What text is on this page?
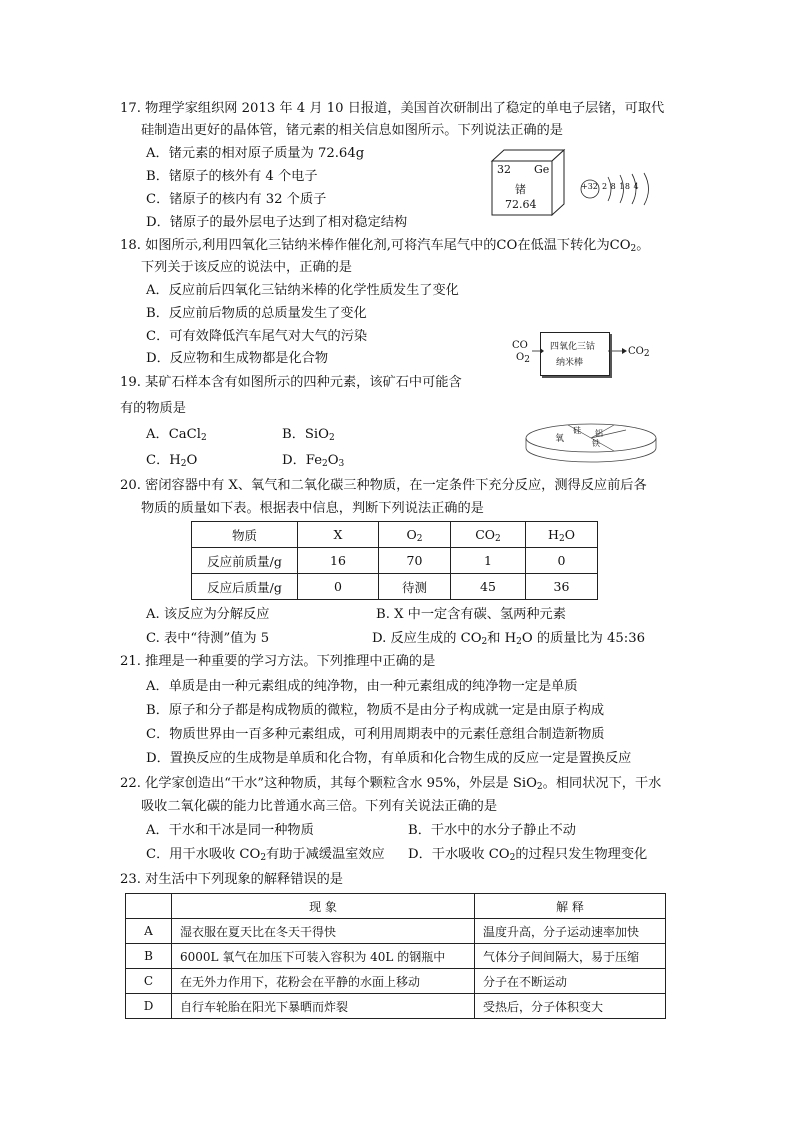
17. 物理学家组织网 2013 年 4 月 10 日报道，美国首次研制出了稳定的单电子层锗，可取代
硅制造出更好的晶体管，锗元素的相关信息如图所示。下列说法正确的是
A．锗元素的相对原子质量为 72.64g
B．锗原子的核外有 4 个电子
C．锗原子的核内有 32 个质子
D．锗原子的最外层电子达到了相对稳定结构
32 Ge
锗
72.64
+32 2 8 18 4
18. 如图所示,利用四氧化三钴纳米棒作催化剂,可将汽车尾气中的CO在低温下转化为$CO_2$。
下列关于该反应的说法中，正确的是
A．反应前后四氧化三钴纳米棒的化学性质发生了变化
B．反应前后物质的总质量发生了变化
C．可有效降低汽车尾气对大气的污染
D．反应物和生成物都是化合物
CO
$O_2$
四氧化三钴
纳米棒
$CO_2$
19. 某矿石样本含有如图所示的四种元素，该矿石中可能含
有的物质是
A．CaCl$_2$	B．SiO$_2$
C．$H_2O$	D．$Fe_2O_3$
氧
硅 铝
铁
20. 密闭容器中有 X、氧气和二氧化碳三种物质，在一定条件下充分反应，测得反应前后各
物质的质量如下表。根据表中信息，判断下列说法正确的是
物质	X	$O_2$	$CO_2$	$H_2O$
反应前质量/g	16	70	1	0
反应后质量/g	0	待测	45	36
A. 该反应为分解反应	B. X 中一定含有碳、氢两种元素
C. 表中“待测”值为 5	D. 反应生成的 $CO_2$和 $H_2O$ 的质量比为 45:36
21. 推理是一种重要的学习方法。下列推理中正确的是
A．单质是由一种元素组成的纯净物，由一种元素组成的纯净物一定是单质
B．原子和分子都是构成物质的微粒，物质不是由分子构成就一定是由原子构成
C．物质世界由一百多种元素组成，可利用周期表中的元素任意组合制造新物质
D．置换反应的生成物是单质和化合物，有单质和化合物生成的反应一定是置换反应
22. 化学家创造出“干水”这种物质，其每个颗粒含水 95%，外层是 SiO$_2$。相同状况下，干水
吸收二氧化碳的能力比普通水高三倍。下列有关说法正确的是
A．干水和干冰是同一种物质	B．干水中的水分子静止不动
C．用干水吸收 $CO_2$有助于减缓温室效应 D．干水吸收 $CO_2$的过程只发生物理变化
23. 对生活中下列现象的解释错误的是
	现 象	解 释
A	湿衣服在夏天比在冬天干得快	温度升高，分子运动速率加快
B	6000L 氧气在加压下可装入容积为 40L 的钢瓶中	气体分子间间隔大，易于压缩
C	在无外力作用下，花粉会在平静的水面上移动	分子在不断运动
D	自行车轮胎在阳光下暴晒而炸裂	受热后，分子体积变大
